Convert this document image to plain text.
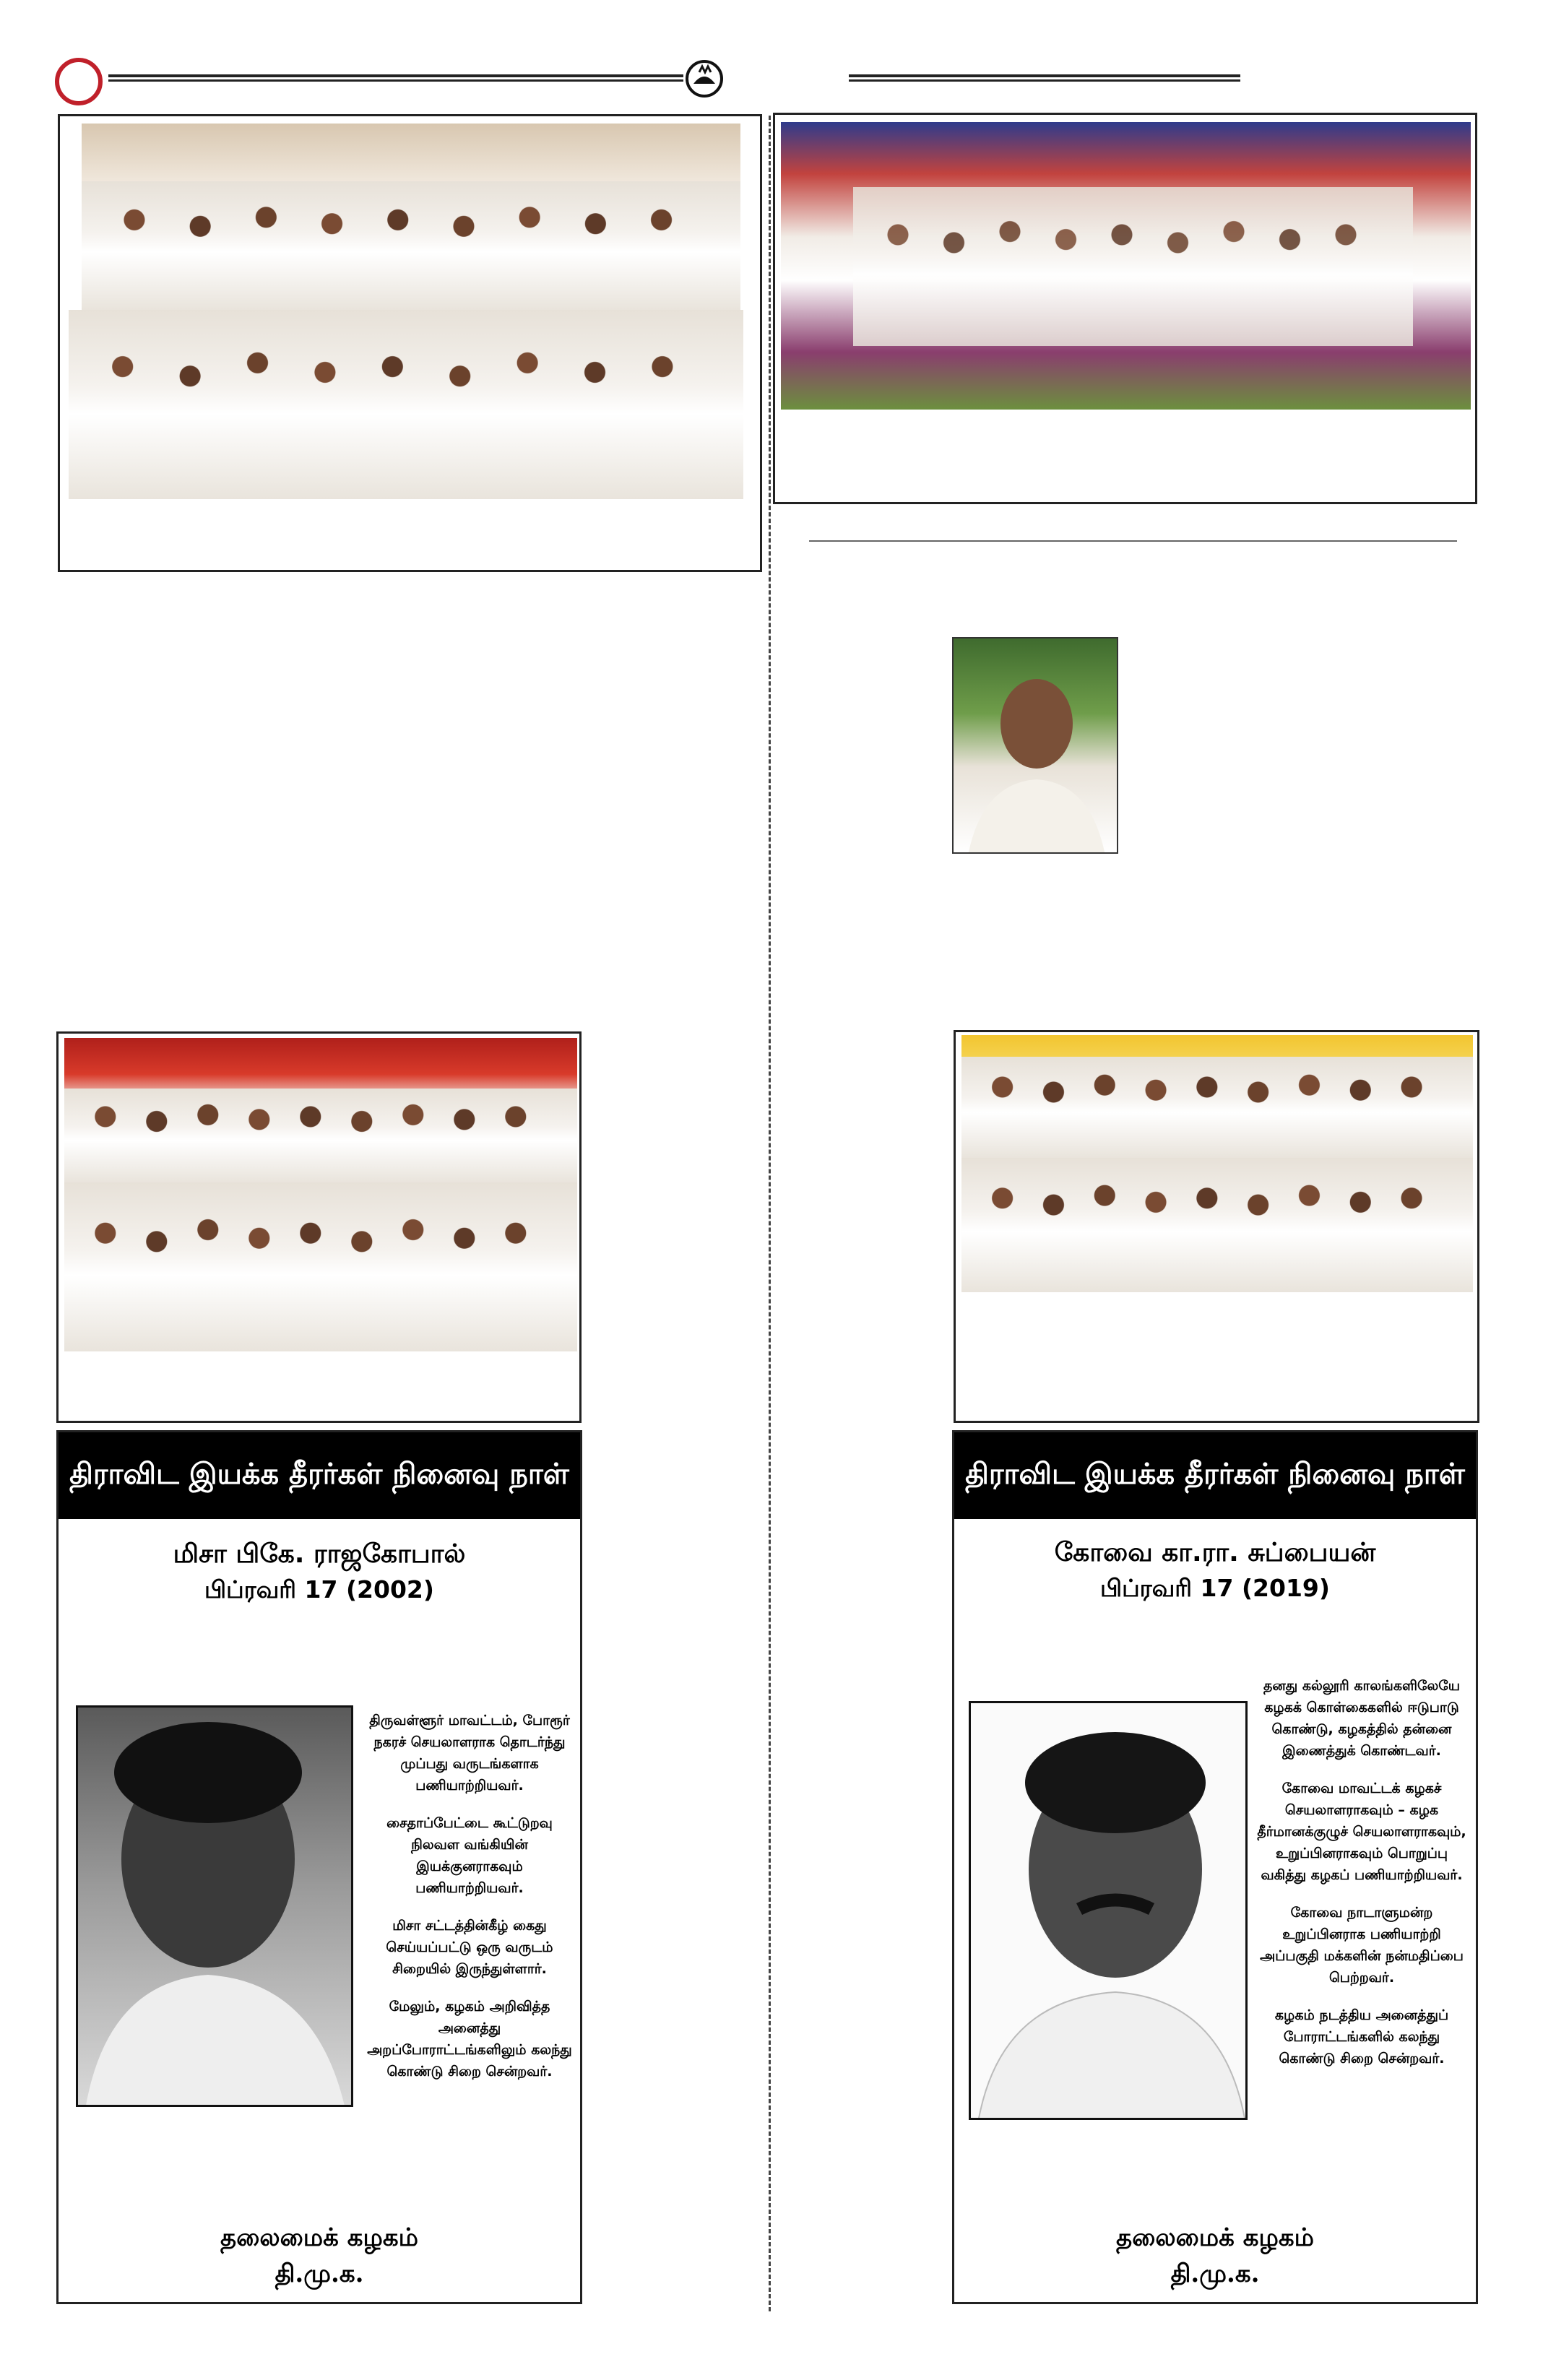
திராவிட இயக்க தீரர்கள் நினைவு நாள்
மிசா பிகே. ராஜகோபால்
பிப்ரவரி 17 (2002)

திருவள்ளூர் மாவட்டம், போரூர் நகரச் செயலாளராக தொடர்ந்து முப்பது வருடங்களாக பணியாற்றியவர்.

சைதாப்பேட்டை கூட்டுறவு நிலவள வங்கியின் இயக்குனராகவும் பணியாற்றியவர்.

மிசா சட்டத்தின்கீழ் கைது செய்யப்பட்டு ஒரு வருடம் சிறையில் இருந்துள்ளார்.

மேலும், கழகம் அறிவித்த அனைத்து அறப்போராட்டங்களிலும் கலந்து கொண்டு சிறை சென்றவர்.

தலைமைக் கழகம்
தி.மு.க.
திராவிட இயக்க தீரர்கள் நினைவு நாள்
கோவை கா.ரா. சுப்பையன்
பிப்ரவரி 17 (2019)

தனது கல்லூரி காலங்களிலேயே கழகக் கொள்கைகளில் ஈடுபாடு கொண்டு, கழகத்தில் தன்னை இணைத்துக் கொண்டவர்.

கோவை மாவட்டக் கழகச் செயலாளராகவும் – கழக தீர்மானக்குழுச் செயலாளராகவும், உறுப்பினராகவும் பொறுப்பு வகித்து கழகப் பணியாற்றியவர்.

கோவை நாடாளுமன்ற உறுப்பினராக பணியாற்றி அப்பகுதி மக்களின் நன்மதிப்பை பெற்றவர்.

கழகம் நடத்திய அனைத்துப் போராட்டங்களில் கலந்து கொண்டு சிறை சென்றவர்.

தலைமைக் கழகம்
தி.மு.க.
